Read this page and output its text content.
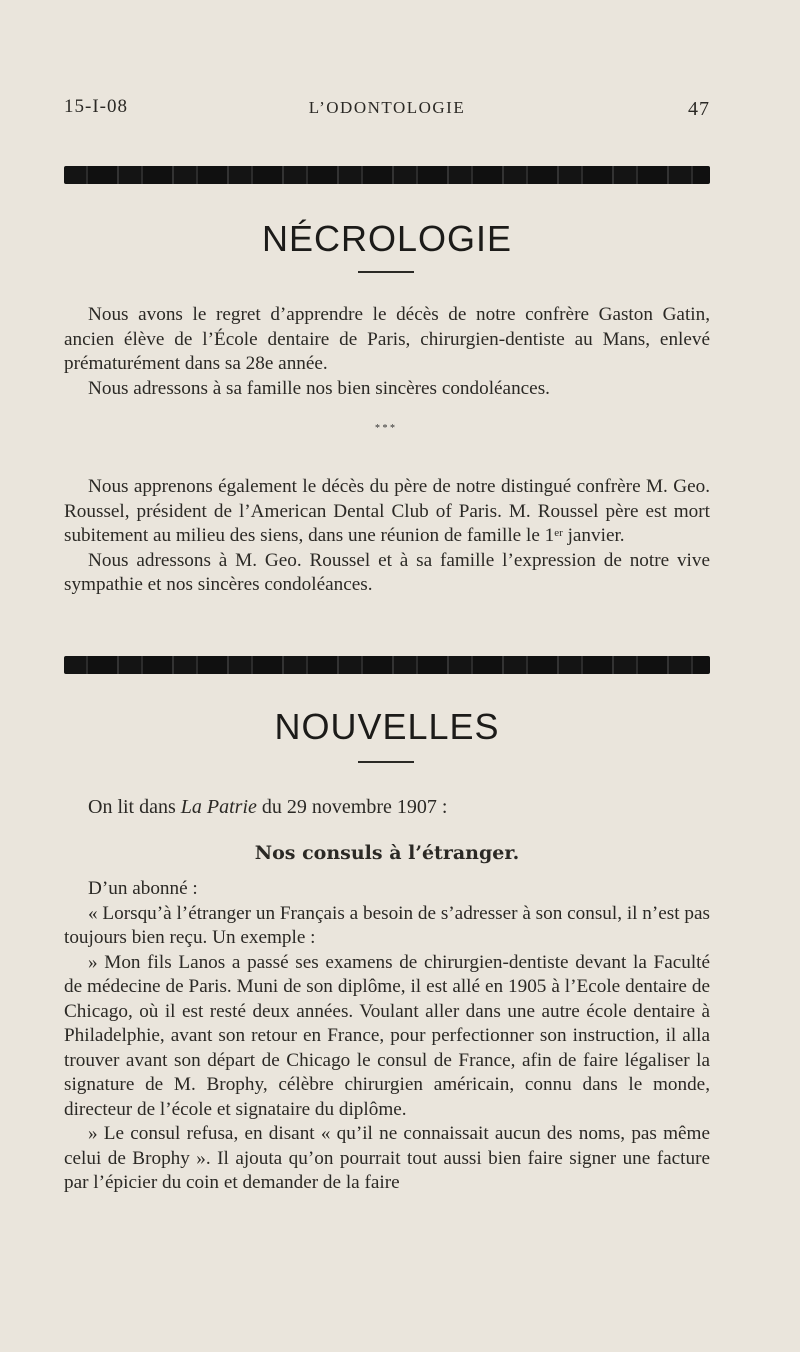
15-I-08	L’ODONTOLOGIE	47
NÉCROLOGIE

Nous avons le regret d’apprendre le décès de notre confrère Gaston Gatin, ancien élève de l’École dentaire de Paris, chirurgien-dentiste au Mans, enlevé prématurément dans sa 28e année.

Nous adressons à sa famille nos bien sincères condoléances.

* * *

Nous apprenons également le décès du père de notre distingué confrère M. Geo. Roussel, président de l’American Dental Club of Paris. M. Roussel père est mort subitement au milieu des siens, dans une réunion de famille le 1er janvier.

Nous adressons à M. Geo. Roussel et à sa famille l’expression de notre vive sympathie et nos sincères condoléances.

NOUVELLES
On lit dans La Patrie du 29 novembre 1907 :
Nos consuls à l’étranger.

D’un abonné :

« Lorsqu’à l’étranger un Français a besoin de s’adresser à son consul, il n’est pas toujours bien reçu. Un exemple :

» Mon fils Lanos a passé ses examens de chirurgien-dentiste devant la Faculté de médecine de Paris. Muni de son diplôme, il est allé en 1905 à l’Ecole dentaire de Chicago, où il est resté deux années. Voulant aller dans une autre école dentaire à Philadelphie, avant son retour en France, pour perfectionner son instruction, il alla trouver avant son départ de Chicago le consul de France, afin de faire légaliser la signature de M. Brophy, célèbre chirurgien américain, connu dans le monde, directeur de l’école et signataire du diplôme.

» Le consul refusa, en disant « qu’il ne connaissait aucun des noms, pas même celui de Brophy ». Il ajouta qu’on pourrait tout aussi bien faire signer une facture par l’épicier du coin et demander de la faire
